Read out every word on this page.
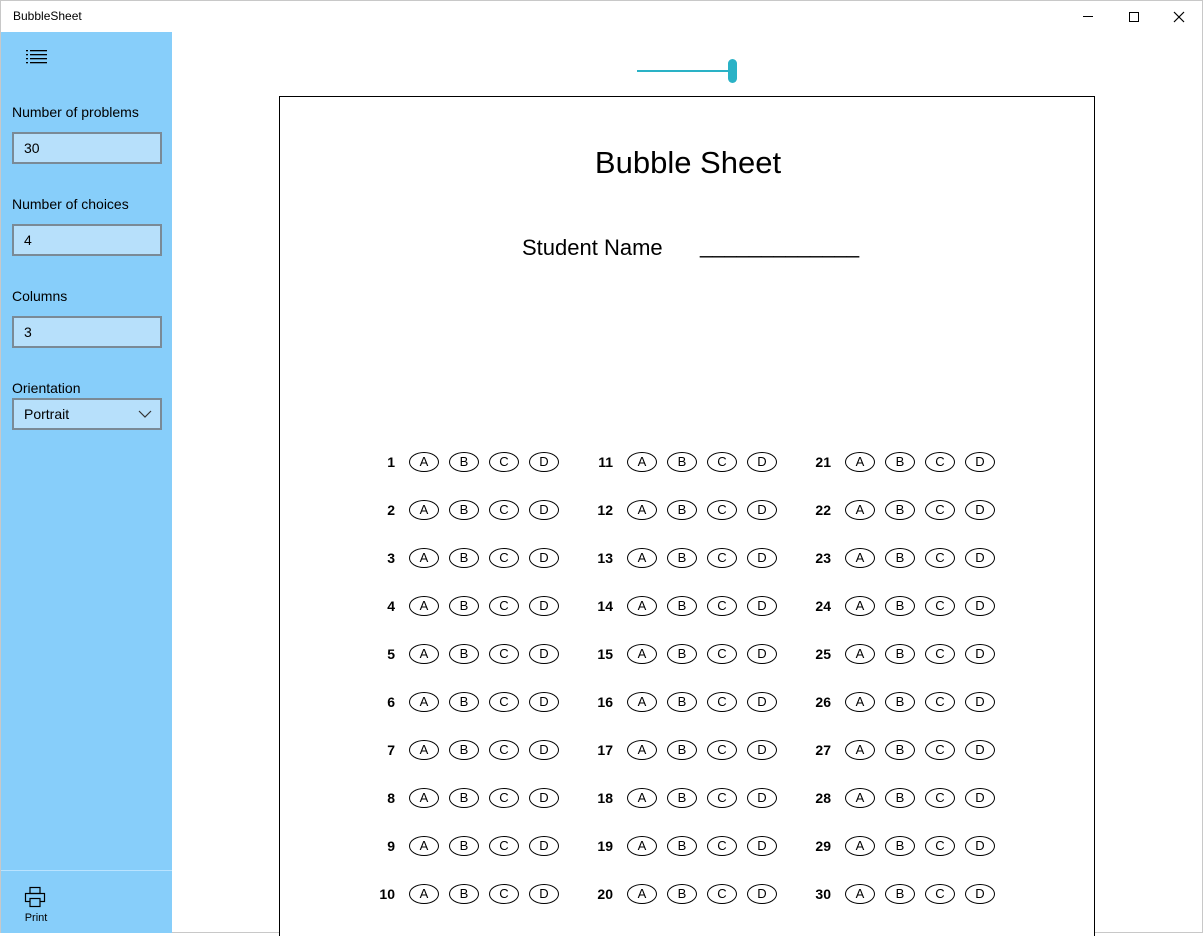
BubbleSheet
Number of problems
30
Number of choices
4
Columns
3
Orientation
Portrait
Print
Bubble Sheet
Student Name _____________
1	A	B	C	D
2	A	B	C	D
3	A	B	C	D
4	A	B	C	D
5	A	B	C	D
6	A	B	C	D
7	A	B	C	D
8	A	B	C	D
9	A	B	C	D
10	A	B	C	D
11	A	B	C	D
12	A	B	C	D
13	A	B	C	D
14	A	B	C	D
15	A	B	C	D
16	A	B	C	D
17	A	B	C	D
18	A	B	C	D
19	A	B	C	D
20	A	B	C	D
21	A	B	C	D
22	A	B	C	D
23	A	B	C	D
24	A	B	C	D
25	A	B	C	D
26	A	B	C	D
27	A	B	C	D
28	A	B	C	D
29	A	B	C	D
30	A	B	C	D
